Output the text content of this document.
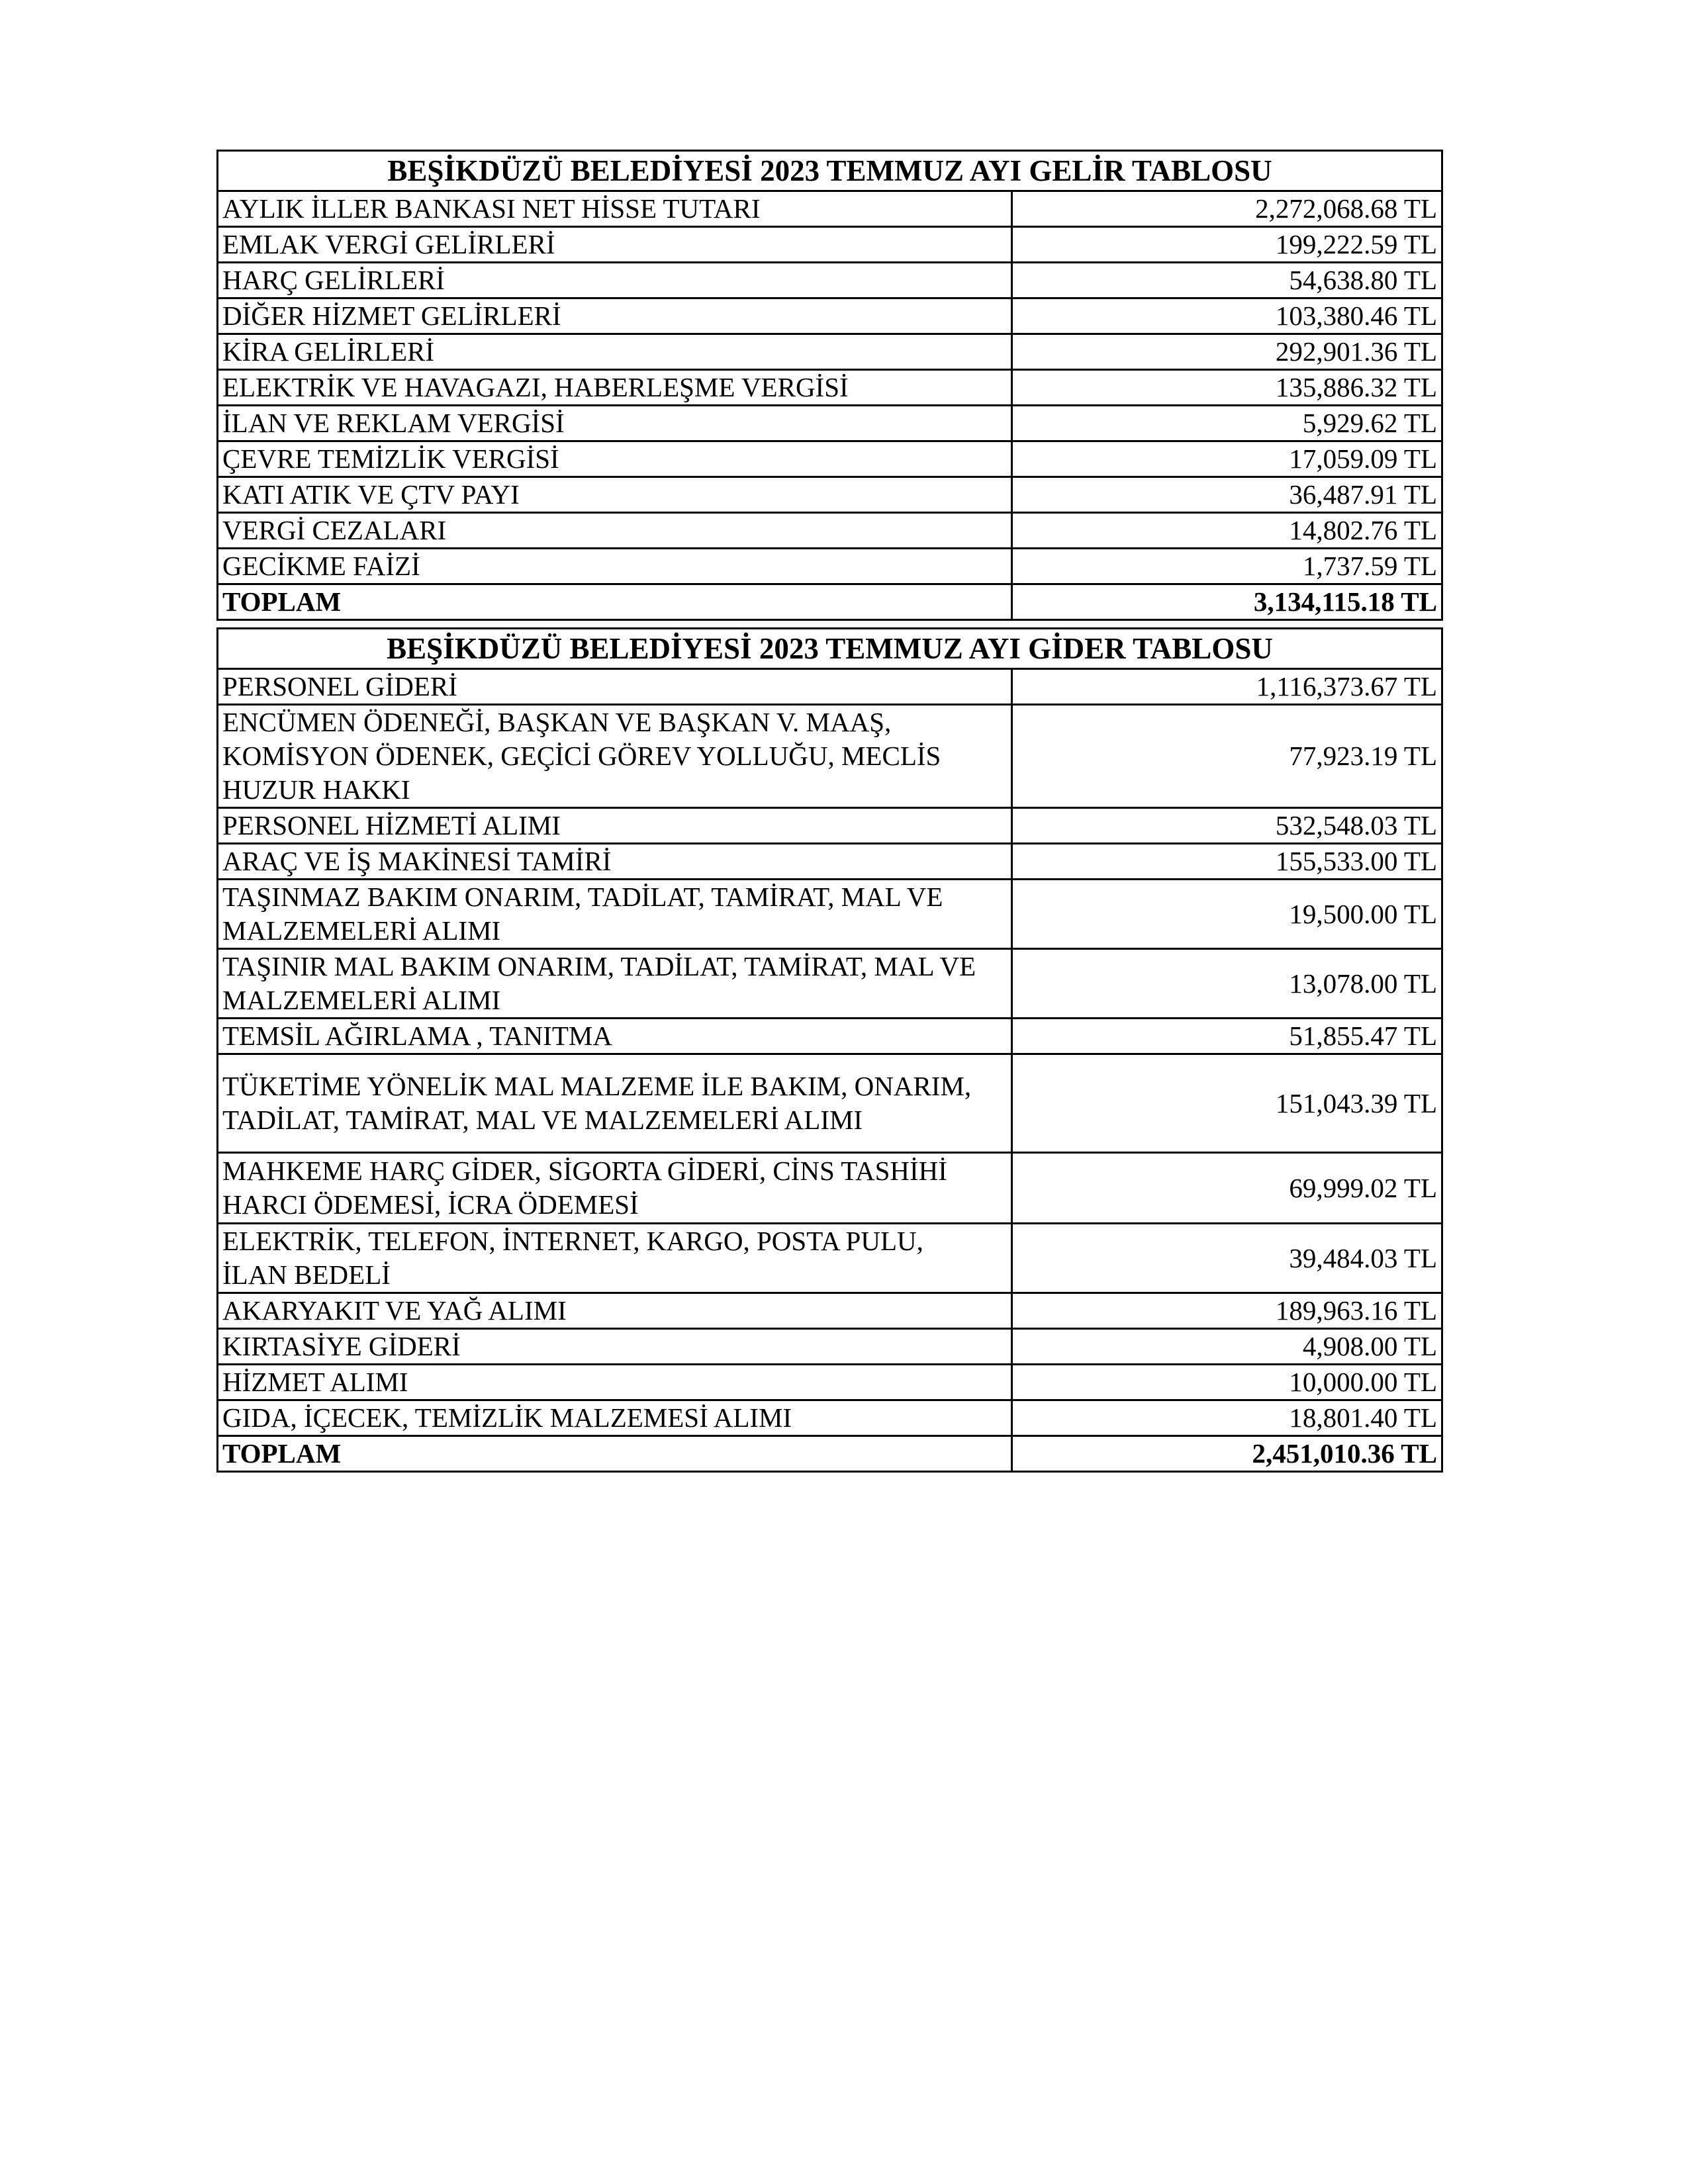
BEŞİKDÜZÜ BELEDİYESİ 2023 TEMMUZ AYI GELİR TABLOSU	
AYLIK İLLER BANKASI NET HİSSE TUTARI	2,272,068.68 TL
EMLAK VERGİ GELİRLERİ	199,222.59 TL
HARÇ GELİRLERİ	54,638.80 TL
DİĞER HİZMET GELİRLERİ	103,380.46 TL
KİRA GELİRLERİ	292,901.36 TL
ELEKTRİK VE HAVAGAZI, HABERLEŞME VERGİSİ	135,886.32 TL
İLAN VE REKLAM VERGİSİ	5,929.62 TL
ÇEVRE TEMİZLİK VERGİSİ	17,059.09 TL
KATI ATIK VE ÇTV PAYI	36,487.91 TL
VERGİ CEZALARI	14,802.76 TL
GECİKME FAİZİ	1,737.59 TL
TOPLAM	3,134,115.18 TL
BEŞİKDÜZÜ BELEDİYESİ 2023 TEMMUZ AYI GİDER TABLOSU	
PERSONEL GİDERİ	1,116,373.67 TL
ENCÜMEN ÖDENEĞİ, BAŞKAN VE BAŞKAN V. MAAŞ,
KOMİSYON ÖDENEK, GEÇİCİ GÖREV YOLLUĞU, MECLİS
HUZUR HAKKI	77,923.19 TL
PERSONEL HİZMETİ ALIMI	532,548.03 TL
ARAÇ VE İŞ MAKİNESİ TAMİRİ	155,533.00 TL
TAŞINMAZ BAKIM ONARIM, TADİLAT, TAMİRAT, MAL VE
MALZEMELERİ ALIMI	19,500.00 TL
TAŞINIR MAL BAKIM ONARIM, TADİLAT, TAMİRAT, MAL VE
MALZEMELERİ ALIMI	13,078.00 TL
TEMSİL AĞIRLAMA , TANITMA	51,855.47 TL
TÜKETİME YÖNELİK MAL MALZEME İLE BAKIM, ONARIM,
TADİLAT, TAMİRAT, MAL VE MALZEMELERİ ALIMI	151,043.39 TL
MAHKEME HARÇ GİDER, SİGORTA GİDERİ, CİNS TASHİHİ
HARCI ÖDEMESİ, İCRA ÖDEMESİ	69,999.02 TL
ELEKTRİK, TELEFON, İNTERNET, KARGO, POSTA PULU,
İLAN BEDELİ	39,484.03 TL
AKARYAKIT VE YAĞ ALIMI	189,963.16 TL
KIRTASİYE GİDERİ	4,908.00 TL
HİZMET ALIMI	10,000.00 TL
GIDA, İÇECEK, TEMİZLİK MALZEMESİ ALIMI	18,801.40 TL
TOPLAM	2,451,010.36 TL
